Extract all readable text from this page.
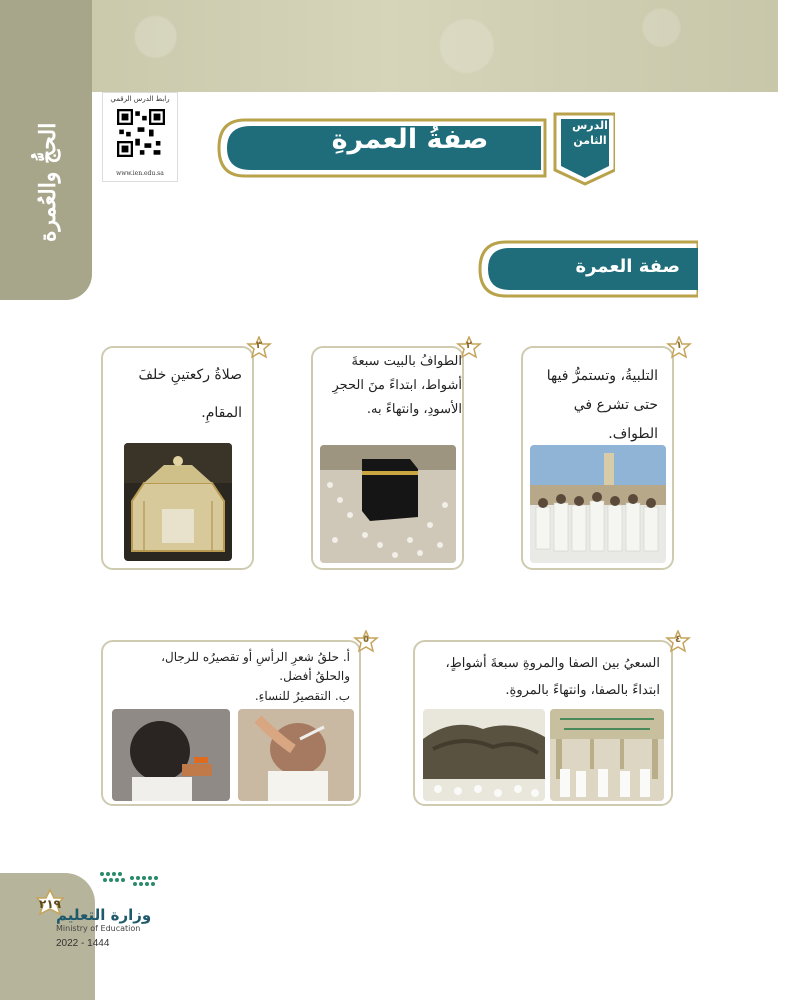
الحجُّ والعُمرة
رابط الدرس الرقمي
www.ien.edu.sa
صفةُ العمرةِ	الدرس
الثامن
صفة العمرة
١
التلبيةُ، وتستمرُّ فيها حتى تشرع في الطواف.
٢
الطوافُ بالبيت سبعةَ أشواط، ابتداءً منَ الحجرِ الأسودِ، وانتهاءً به.
٣
صلاةُ ركعتينِ خلفَ المقامِ.
٤
السعيُ بين الصفا والمروةِ سبعةَ أشواطٍ، ابتداءً بالصفا، وانتهاءً بالمروةِ.
٥
أ. حلقُ شعرِ الرأسِ أو تقصيرُه للرجال، والحلقُ أفضل.
ب. التقصيرُ للنساءِ.
٢١٩
وزارة التعليم
Ministry of Education
2022 - 1444
